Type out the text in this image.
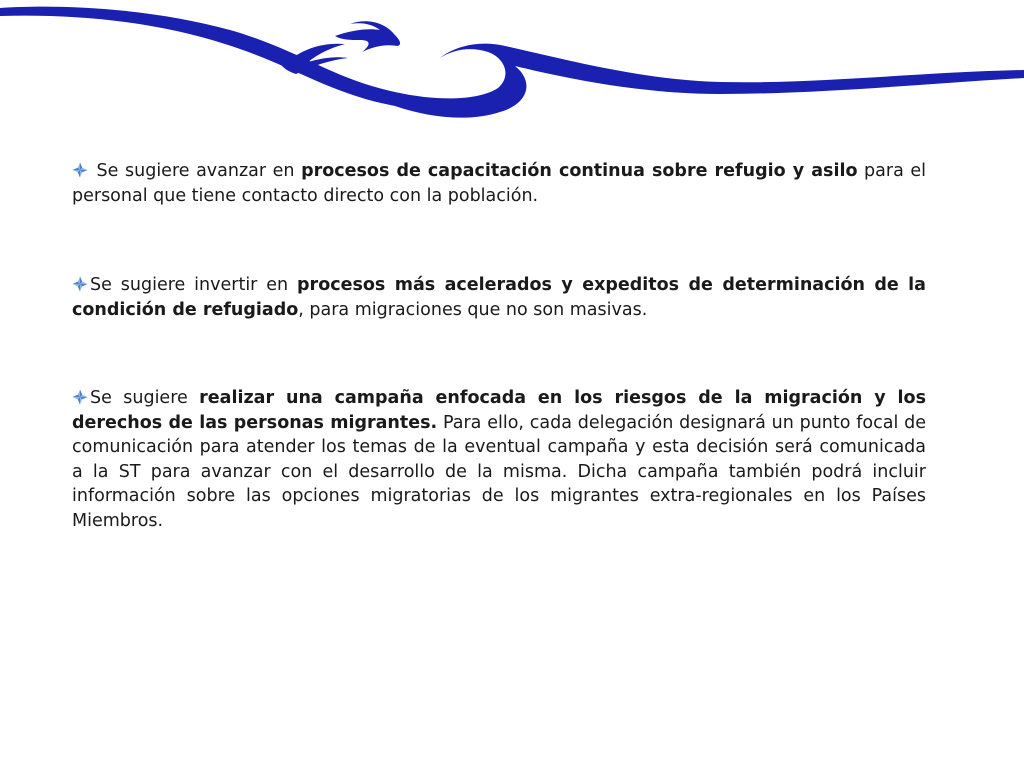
Se sugiere avanzar en procesos de capacitación continua sobre refugio y asilo para el personal que tiene contacto directo con la población.
Se sugiere invertir en procesos más acelerados y expeditos de determinación de la condición de refugiado, para migraciones que no son masivas.
Se sugiere realizar una campaña enfocada en los riesgos de la migración y los derechos de las personas migrantes. Para ello, cada delegación designará un punto focal de comunicación para atender los temas de la eventual campaña y esta decisión será comunicada a la ST para avanzar con el desarrollo de la misma. Dicha campaña también podrá incluir información sobre las opciones migratorias de los migrantes extra-regionales en los Países Miembros.
